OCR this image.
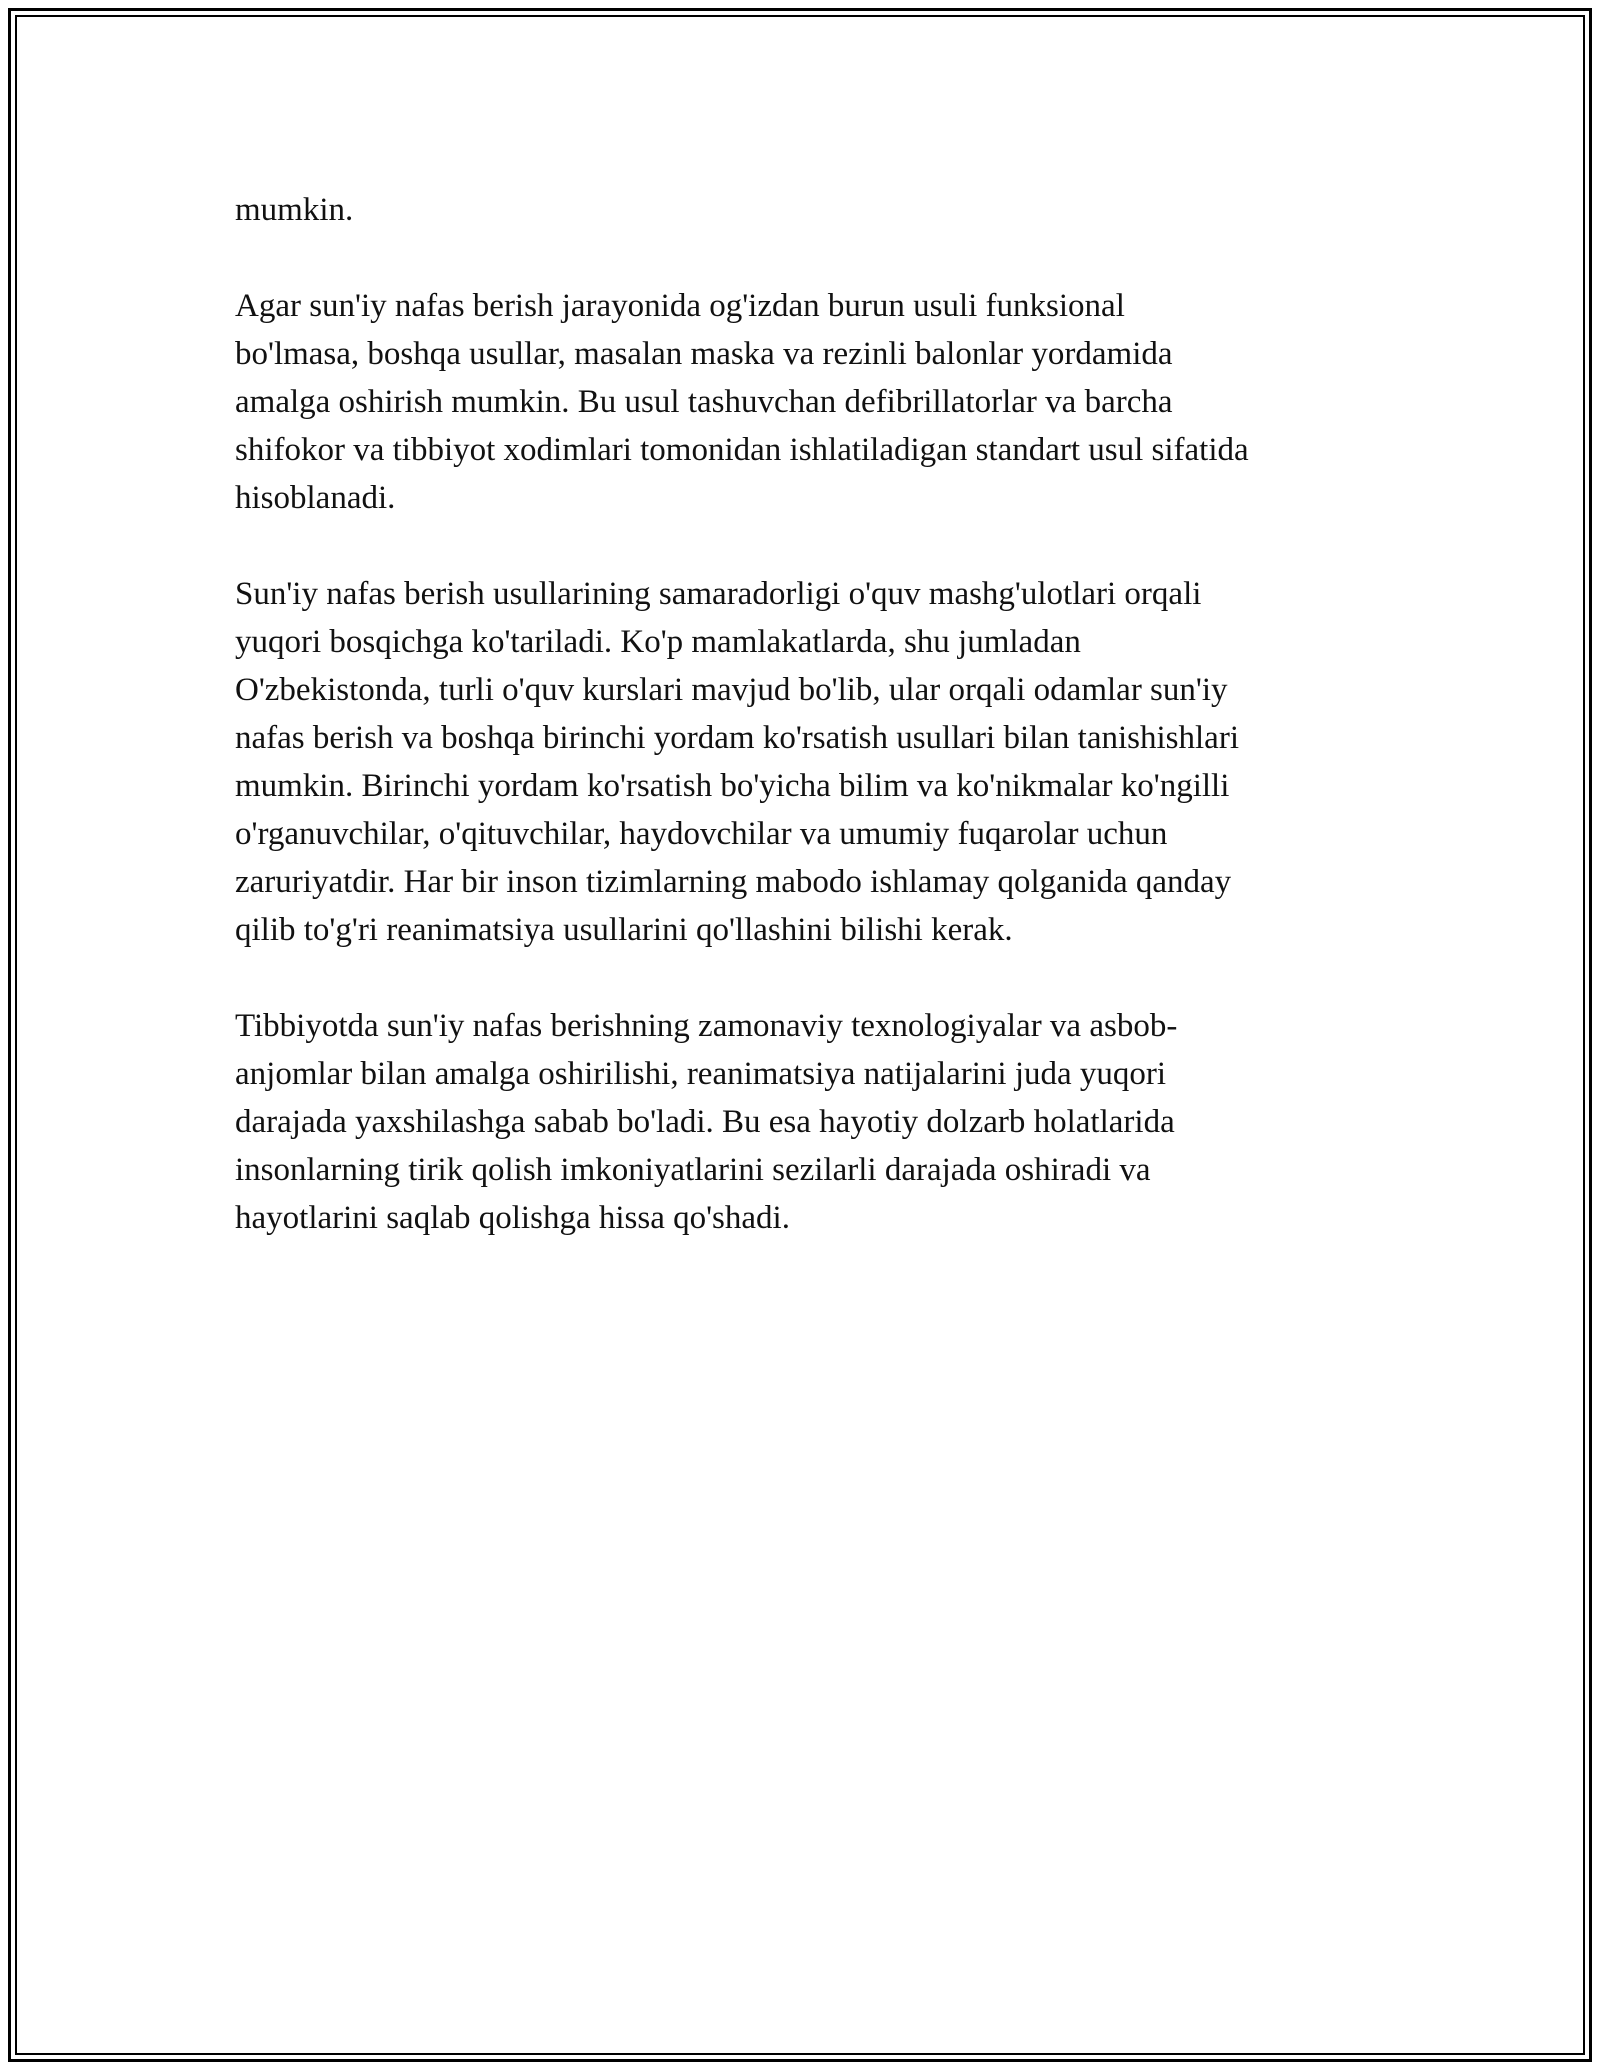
mumkin.

Agar sun'iy nafas berish jarayonida og'izdan burun usuli funksional
bo'lmasa, boshqa usullar, masalan maska va rezinli balonlar yordamida
amalga oshirish mumkin. Bu usul tashuvchan defibrillatorlar va barcha
shifokor va tibbiyot xodimlari tomonidan ishlatiladigan standart usul sifatida
hisoblanadi.

Sun'iy nafas berish usullarining samaradorligi o'quv mashg'ulotlari orqali
yuqori bosqichga ko'tariladi. Ko'p mamlakatlarda, shu jumladan
O'zbekistonda, turli o'quv kurslari mavjud bo'lib, ular orqali odamlar sun'iy
nafas berish va boshqa birinchi yordam ko'rsatish usullari bilan tanishishlari
mumkin. Birinchi yordam ko'rsatish bo'yicha bilim va ko'nikmalar ko'ngilli
o'rganuvchilar, o'qituvchilar, haydovchilar va umumiy fuqarolar uchun
zaruriyatdir. Har bir inson tizimlarning mabodo ishlamay qolganida qanday
qilib to'g'ri reanimatsiya usullarini qo'llashini bilishi kerak.

Tibbiyotda sun'iy nafas berishning zamonaviy texnologiyalar va asbob-
anjomlar bilan amalga oshirilishi, reanimatsiya natijalarini juda yuqori
darajada yaxshilashga sabab bo'ladi. Bu esa hayotiy dolzarb holatlarida
insonlarning tirik qolish imkoniyatlarini sezilarli darajada oshiradi va
hayotlarini saqlab qolishga hissa qo'shadi.
